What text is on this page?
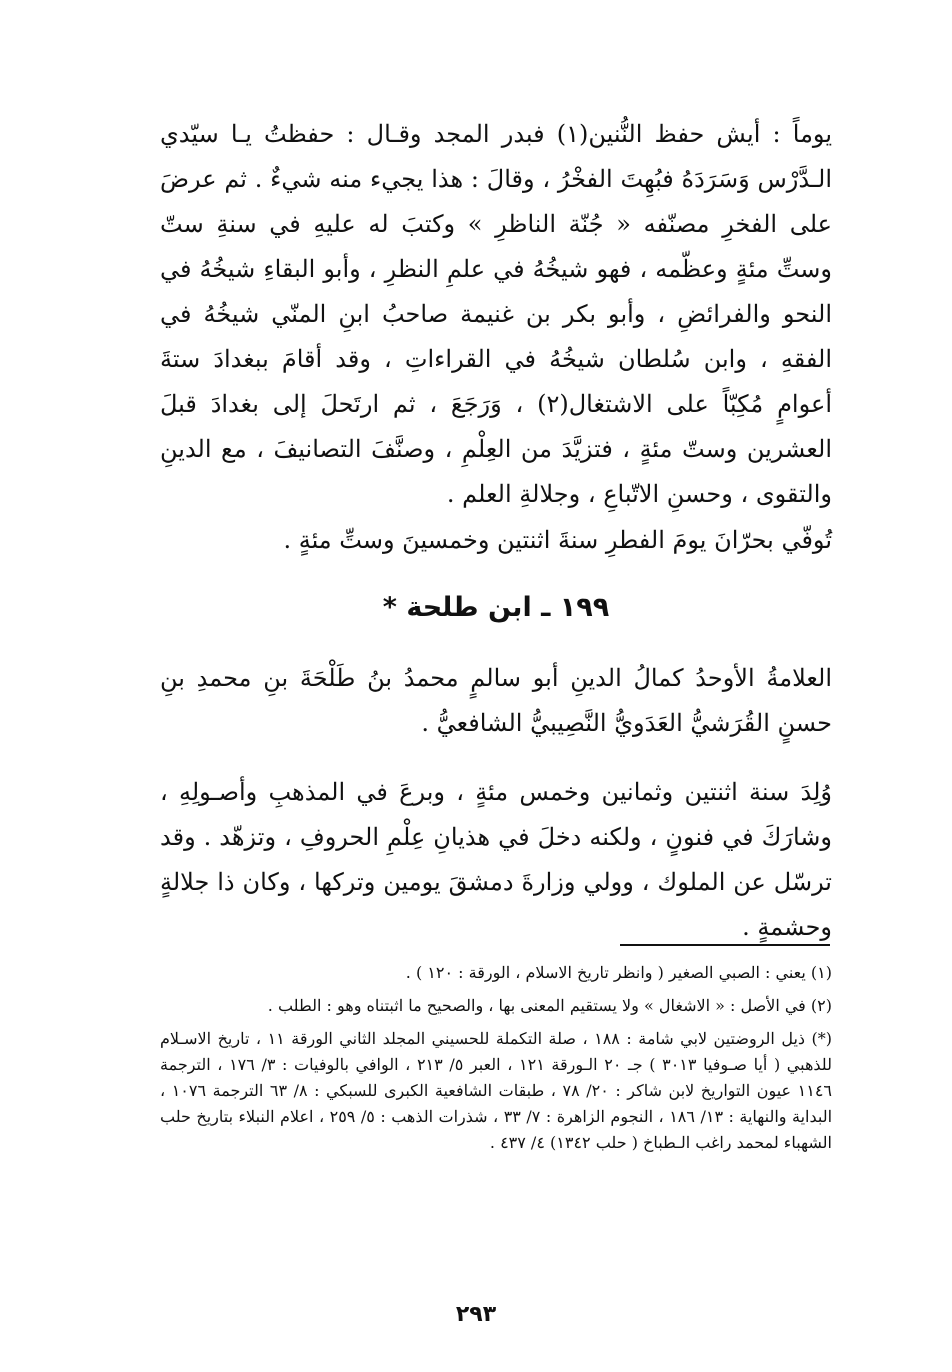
يوماً : أيش حفظ النُّنين(١) فبدر المجد وقـال : حفظتُ يـا سيّدي الـدَّرْس وَسَرَدَهُ فبُهِتَ الفخْرُ ، وقالَ : هذا يجيء منه شيءٌ . ثم عرضَ على الفخرِ مصنّفه « جُنّة الناظرِ » وكتبَ له عليهِ في سنةِ ستّ وستِّ مئةٍ وعظّمه ، فهو شيخُهُ في علمِ النظرِ ، وأبو البقاءِ شيخُهُ في النحو والفرائضِ ، وأبو بكر بن غنيمة صاحبُ ابنِ المنّي شيخُهُ في الفقهِ ، وابن سُلطان شيخُهُ في القراءاتِ ، وقد أقامَ ببغدادَ ستةَ أعوامٍ مُكِبّاً على الاشتغال(٢) ، وَرَجَعَ ، ثم ارتَحلَ إلى بغدادَ قبلَ العشرين وستّ مئةٍ ، فتزيَّدَ من العِلْمِ ، وصنَّفَ التصانيفَ ، مع الدينِ والتقوى ، وحسنِ الاتّباعِ ، وجلالةِ العلم .

تُوفّي بحرّانَ يومَ الفطرِ سنةَ اثنتين وخمسينَ وستِّ مئةٍ .

١٩٩ ـ ابن طلحة *

العلامةُ الأوحدُ كمالُ الدينِ أبو سالمٍ محمدُ بنُ طَلْحَةَ بنِ محمدِ بنِ حسنٍ القُرَشيُّ العَدَويُّ النَّصِيبيُّ الشافعيُّ .

وُلِدَ سنة اثنتين وثمانين وخمس مئةٍ ، وبرعَ في المذهبِ وأصـولِهِ ، وشارَكَ في فنونٍ ، ولكنه دخلَ في هذيانِ عِلْمِ الحروفِ ، وتزهّد . وقد ترسّل عن الملوك ، وولي وزارةَ دمشقَ يومين وتركها ، وكان ذا جلالةٍ وحشمةٍ .

(١) يعني : الصبي الصغير ( وانظر تاريخ الاسلام ، الورقة : ١٢٠ ) .

(٢) في الأصل : « الاشغال » ولا يستقيم المعنى بها ، والصحيح ما اثبتناه وهو : الطلب .

(*) ذيل الروضتين لابي شامة : ١٨٨ ، صلة التكملة للحسيني المجلد الثاني الورقة ١١ ، تاريخ الاسـلام للذهبي ( أيا صـوفيا ٣٠١٣ ) جـ ٢٠ الـورقة ١٢١ ، العبر ٥/ ٢١٣ ، الوافي بالوفيات : ٣/ ١٧٦ ، الترجمة ١١٤٦ عيون التواريخ لابن شاكر : ٢٠/ ٧٨ ، طبقات الشافعية الكبرى للسبكي : ٨/ ٦٣ الترجمة ١٠٧٦ ، البداية والنهاية : ١٣/ ١٨٦ ، النجوم الزاهرة : ٧/ ٣٣ ، شذرات الذهب : ٥/ ٢٥٩ ، اعلام النبلاء بتاريخ حلب الشهباء لمحمد راغب الـطباخ ( حلب ١٣٤٢) ٤/ ٤٣٧ .

٢٩٣
